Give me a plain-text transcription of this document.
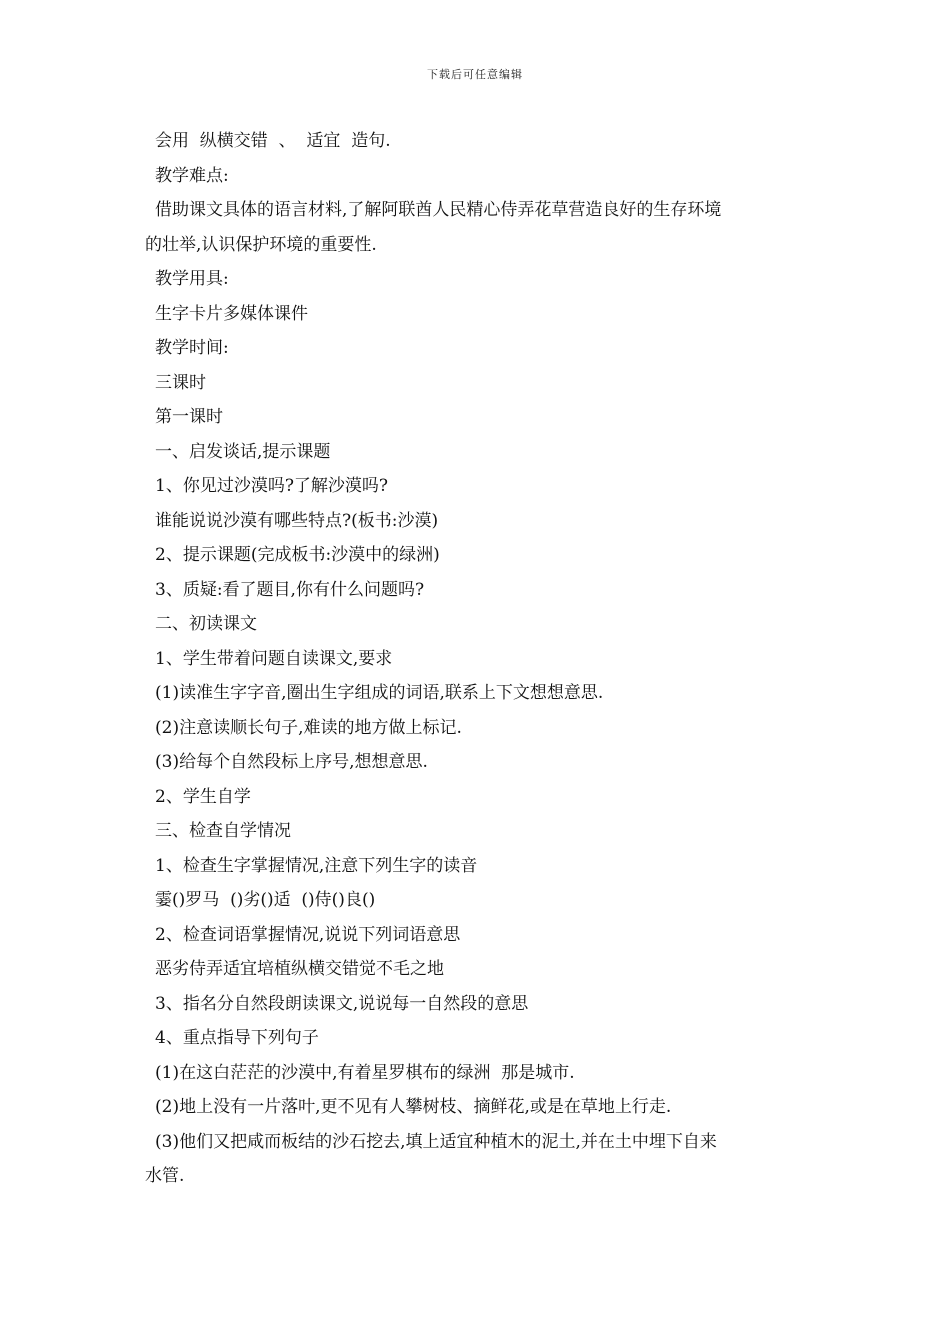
下载后可任意编辑

会用  纵横交错  、  适宜  造句.

教学难点:

借助课文具体的语言材料,了解阿联酋人民精心侍弄花草营造良好的生存环境

的壮举,认识保护环境的重要性.

教学用具:

生字卡片多媒体课件

教学时间:

三课时

第一课时

一、启发谈话,提示课题

1、你见过沙漠吗?了解沙漠吗?

谁能说说沙漠有哪些特点?(板书:沙漠)

2、提示课题(完成板书:沙漠中的绿洲)

3、质疑:看了题目,你有什么问题吗?

二、初读课文

1、学生带着问题自读课文,要求

(1)读准生字字音,圈出生字组成的词语,联系上下文想想意思.

(2)注意读顺长句子,难读的地方做上标记.

(3)给每个自然段标上序号,想想意思.

2、学生自学

三、检查自学情况

1、检查生字掌握情况,注意下列生字的读音

霎()罗马  ()劣()适  ()侍()良()

2、检查词语掌握情况,说说下列词语意思

恶劣侍弄适宜培植纵横交错觉不毛之地

3、指名分自然段朗读课文,说说每一自然段的意思

4、重点指导下列句子

(1)在这白茫茫的沙漠中,有着星罗棋布的绿洲  那是城市.

(2)地上没有一片落叶,更不见有人攀树枝、摘鲜花,或是在草地上行走.

(3)他们又把咸而板结的沙石挖去,填上适宜种植木的泥土,并在土中埋下自来

水管.
